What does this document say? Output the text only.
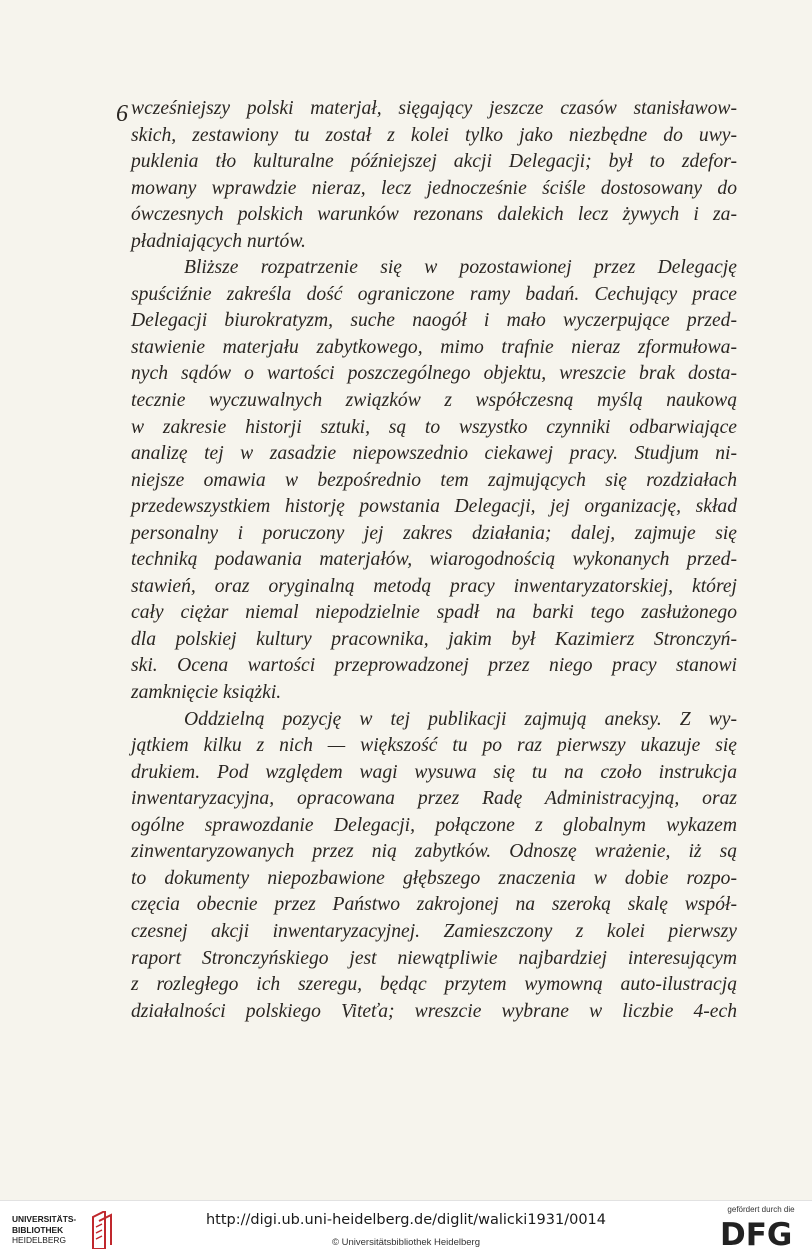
6 wcześniejszy polski materjał, sięgający jeszcze czasów stanisławow-
skich, zestawiony tu został z kolei tylko jako niezbędne do uwy-
puklenia tło kulturalne późniejszej akcji Delegacji; był to zdefor-
mowany wprawdzie nieraz, lecz jednocześnie ściśle dostosowany do
ówczesnych polskich warunków rezonans dalekich lecz żywych i za-
pładniających nurtów.
Bliższe rozpatrzenie się w pozostawionej przez Delegację
spuściźnie zakreśla dość ograniczone ramy badań. Cechujący prace
Delegacji biurokratyzm, suche naogół i mało wyczerpujące przed-
stawienie materjału zabytkowego, mimo trafnie nieraz zformułowa-
nych sądów o wartości poszczególnego objektu, wreszcie brak dosta-
tecznie wyczuwalnych związków z współczesną myślą naukową
w zakresie historji sztuki, są to wszystko czynniki odbarwiające
analizę tej w zasadzie niepowszednio ciekawej pracy. Studjum ni-
niejsze omawia w bezpośrednio tem zajmujących się rozdziałach
przedewszystkiem historję powstania Delegacji, jej organizację, skład
personalny i poruczony jej zakres działania; dalej, zajmuje się
techniką podawania materjałów, wiarogodnością wykonanych przed-
stawień, oraz oryginalną metodą pracy inwentaryzatorskiej, której
cały ciężar niemal niepodzielnie spadł na barki tego zasłużonego
dla polskiej kultury pracownika, jakim był Kazimierz Stronczyń-
ski. Ocena wartości przeprowadzonej przez niego pracy stanowi
zamknięcie książki.
Oddzielną pozycję w tej publikacji zajmują aneksy. Z wy-
jątkiem kilku z nich — większość tu po raz pierwszy ukazuje się
drukiem. Pod względem wagi wysuwa się tu na czoło instrukcja
inwentaryzacyjna, opracowana przez Radę Administracyjną, oraz
ogólne sprawozdanie Delegacji, połączone z globalnym wykazem
zinwentaryzowanych przez nią zabytków. Odnoszę wrażenie, iż są
to dokumenty niepozbawione głębszego znaczenia w dobie rozpo-
częcia obecnie przez Państwo zakrojonej na szeroką skalę współ-
czesnej akcji inwentaryzacyjnej. Zamieszczony z kolei pierwszy
raport Stronczyńskiego jest niewątpliwie najbardziej interesującym
z rozległego ich szeregu, będąc przytem wymowną auto-ilustracją
działalności polskiego Viteťa; wreszcie wybrane w liczbie 4-ech
UNIVERSITÄTS-
BIBLIOTHEK

HEIDELBERG
http://digi.ub.uni-heidelberg.de/diglit/walicki1931/0014
© Universitätsbibliothek Heidelberg
gefördert durch die
DFG
